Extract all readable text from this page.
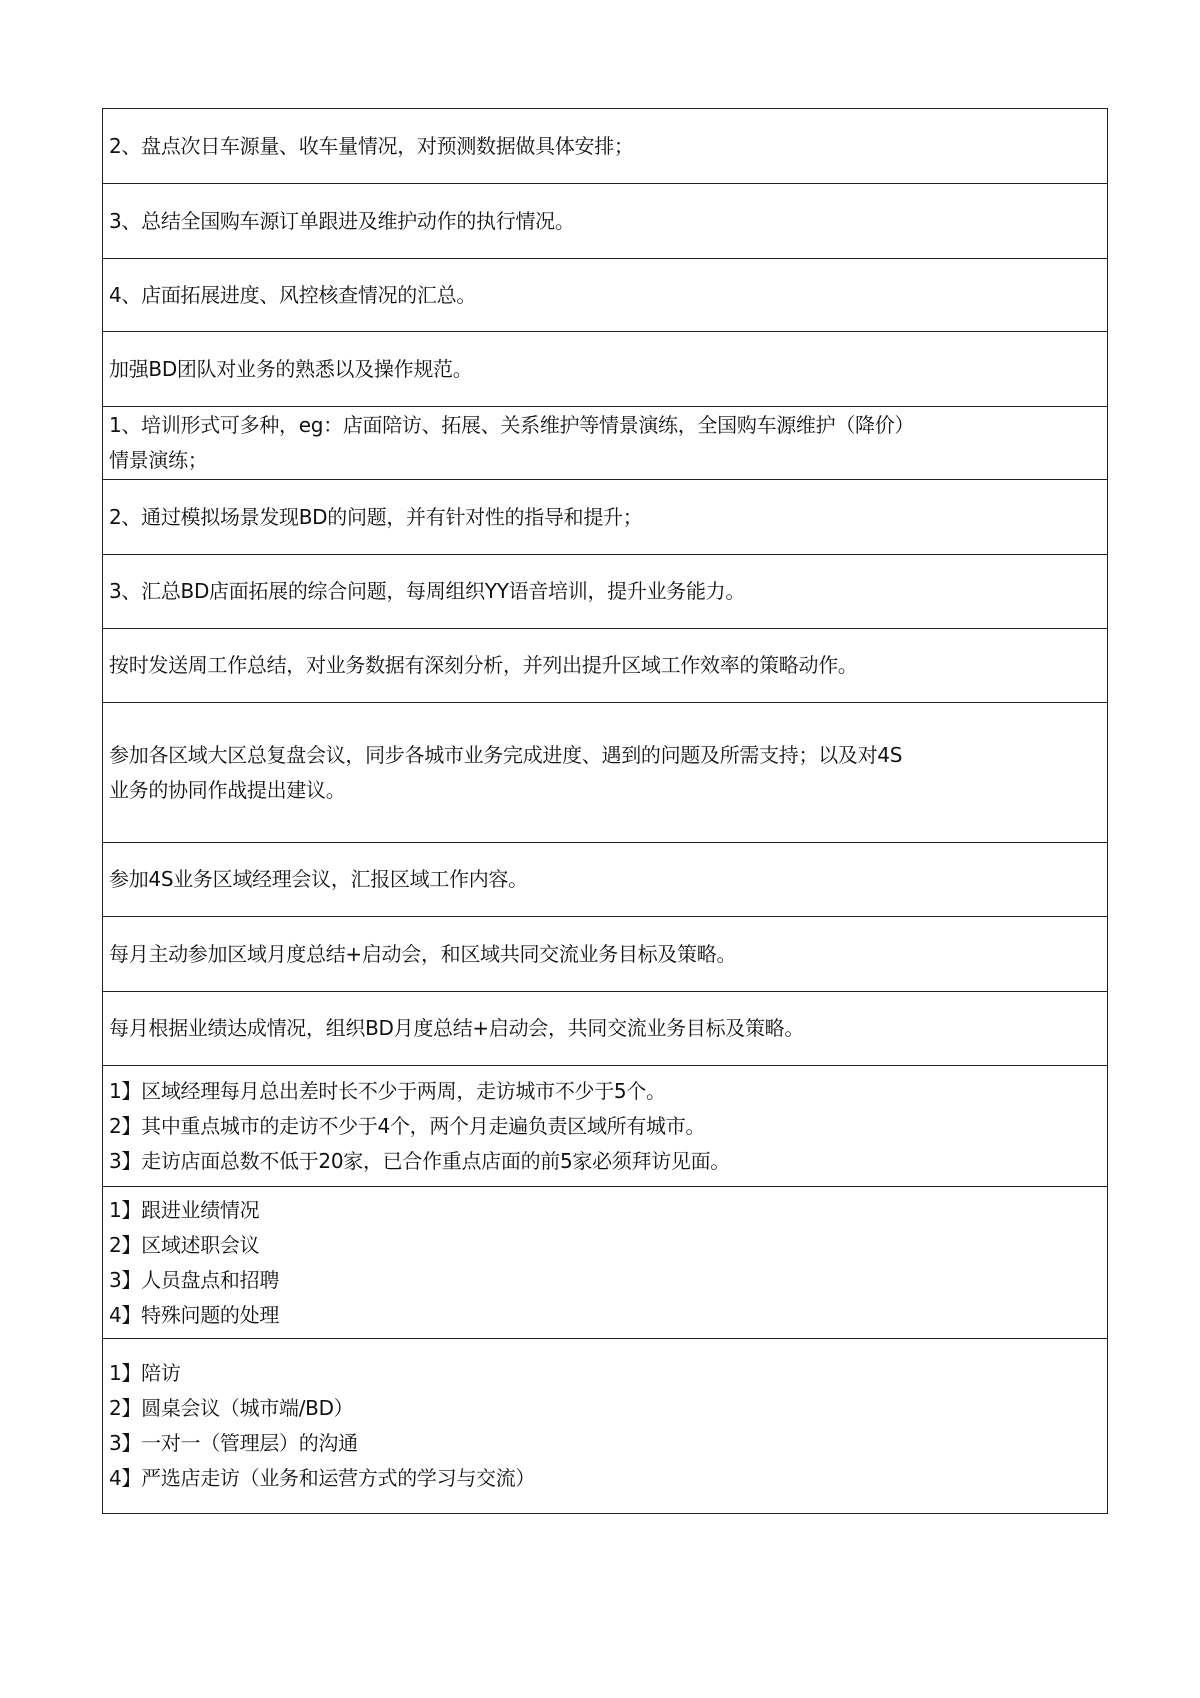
2、盘点次日车源量、收车量情况，对预测数据做具体安排；

3、总结全国购车源订单跟进及维护动作的执行情况。

4、店面拓展进度、风控核查情况的汇总。

加强BD团队对业务的熟悉以及操作规范。

1、培训形式可多种，eg：店面陪访、拓展、关系维护等情景演练，全国购车源维护（降价）
情景演练；

2、通过模拟场景发现BD的问题，并有针对性的指导和提升；

3、汇总BD店面拓展的综合问题，每周组织YY语音培训，提升业务能力。

按时发送周工作总结，对业务数据有深刻分析，并列出提升区域工作效率的策略动作。

参加各区域大区总复盘会议，同步各城市业务完成进度、遇到的问题及所需支持；以及对4S
业务的协同作战提出建议。

参加4S业务区域经理会议，汇报区域工作内容。

每月主动参加区域月度总结+启动会，和区域共同交流业务目标及策略。

每月根据业绩达成情况，组织BD月度总结+启动会，共同交流业务目标及策略。

1】区域经理每月总出差时长不少于两周，走访城市不少于5个。
2】其中重点城市的走访不少于4个，两个月走遍负责区域所有城市。
3】走访店面总数不低于20家，已合作重点店面的前5家必须拜访见面。

1】跟进业绩情况
2】区域述职会议
3】人员盘点和招聘
4】特殊问题的处理

1】陪访
2】圆桌会议（城市端/BD）
3】一对一（管理层）的沟通
4】严选店走访（业务和运营方式的学习与交流）
